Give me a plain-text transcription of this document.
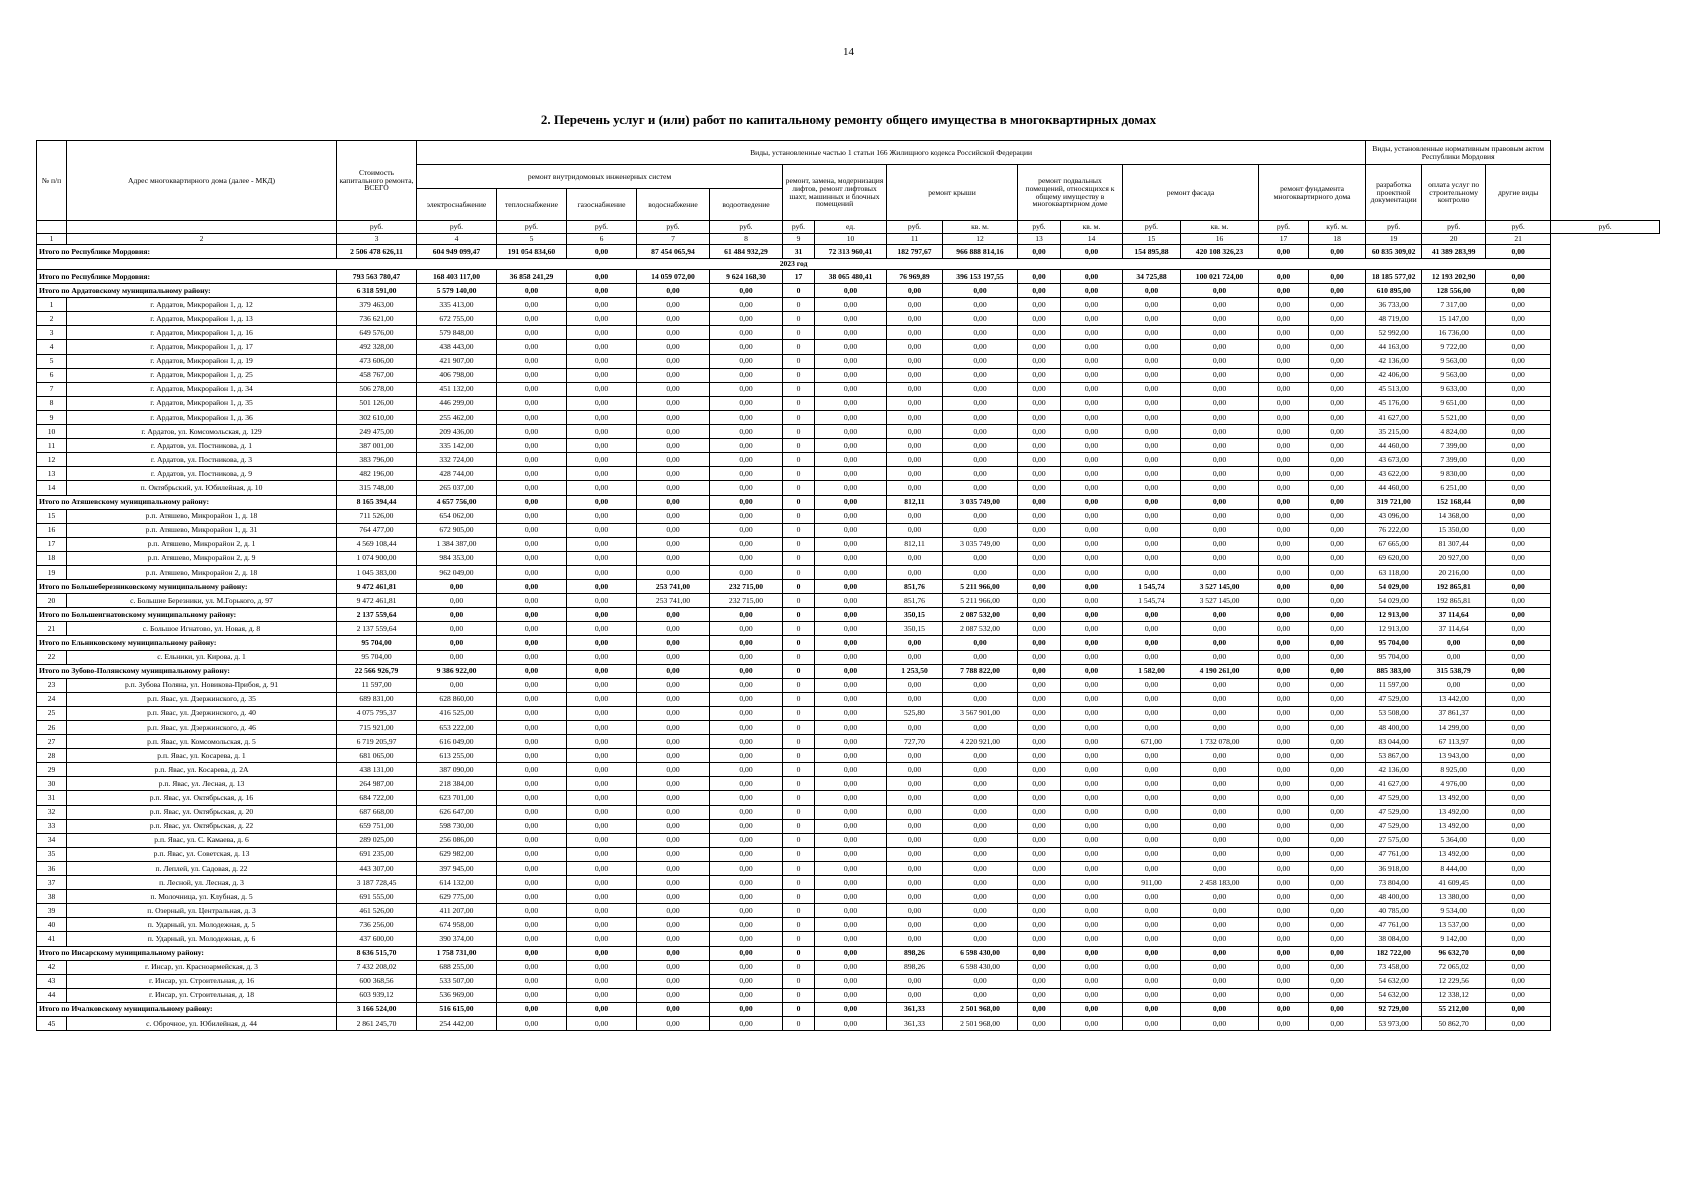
14
2. Перечень услуг и (или) работ по капитальному ремонту общего имущества в многоквартирных домах
№ п/п	Адрес многоквартирного дома (далее - МКД)	Стоимость капитального ремонта, ВСЕГО	Виды, установленные частью 1 статьи 166 Жилищного кодекса Российской Федерации															Виды, установленные нормативным правовым актом Республики Мордовия			
			ремонт внутридомовых инженерных систем					ремонт, замена, модернизация лифтов, ремонт лифтовых шахт, машинных и блочных помещений		ремонт крыши		ремонт подвальных помещений, относящихся к общему имуществу в многоквартирном доме		ремонт фасада		ремонт фундамента многоквартирного дома		разработка проектной документации	оплата услуг по строительному контролю	другие виды	
			электроснабжение	теплоснабжение	газоснабжение	водоснабжение	водоотведение														
		руб.	руб.	руб.	руб.	руб.	руб.	руб.	ед.	руб.	кв. м.	руб.	кв. м.	руб.	кв. м.	руб.	куб. м.	руб.	руб.	руб.	руб.
1	2	3	4	5	6	7	8	9	10	11	12	13	14	15	16	17	18	19	20	21	
Итого по Республике Мордовия:		2 506 478 626,11	604 949 099,47	191 054 834,60	0,00	87 454 065,94	61 484 932,29	31	72 313 960,41	182 797,67	966 888 814,16	0,00	0,00	154 895,88	420 108 326,23	0,00	0,00	60 835 309,02	41 389 283,99	0,00	
2023 год																					
Итого по Республике Мордовия:		793 563 780,47	168 403 117,00	36 858 241,29	0,00	14 059 072,00	9 624 168,30	17	38 065 480,41	76 969,89	396 153 197,55	0,00	0,00	34 725,88	100 021 724,00	0,00	0,00	18 185 577,02	12 193 202,90	0,00	
Итого по Ардатовскому муниципальному району:		6 318 591,00	5 579 140,00	0,00	0,00	0,00	0,00	0	0,00	0,00	0,00	0,00	0,00	0,00	0,00	0,00	0,00	610 895,00	128 556,00	0,00	
1	г. Ардатов, Микрорайон 1, д. 12	379 463,00	335 413,00	0,00	0,00	0,00	0,00	0	0,00	0,00	0,00	0,00	0,00	0,00	0,00	0,00	0,00	36 733,00	7 317,00	0,00	
2	г. Ардатов, Микрорайон 1, д. 13	736 621,00	672 755,00	0,00	0,00	0,00	0,00	0	0,00	0,00	0,00	0,00	0,00	0,00	0,00	0,00	0,00	48 719,00	15 147,00	0,00	
3	г. Ардатов, Микрорайон 1, д. 16	649 576,00	579 848,00	0,00	0,00	0,00	0,00	0	0,00	0,00	0,00	0,00	0,00	0,00	0,00	0,00	0,00	52 992,00	16 736,00	0,00	
4	г. Ардатов, Микрорайон 1, д. 17	492 328,00	438 443,00	0,00	0,00	0,00	0,00	0	0,00	0,00	0,00	0,00	0,00	0,00	0,00	0,00	0,00	44 163,00	9 722,00	0,00	
5	г. Ардатов, Микрорайон 1, д. 19	473 606,00	421 907,00	0,00	0,00	0,00	0,00	0	0,00	0,00	0,00	0,00	0,00	0,00	0,00	0,00	0,00	42 136,00	9 563,00	0,00	
6	г. Ардатов, Микрорайон 1, д. 25	458 767,00	406 798,00	0,00	0,00	0,00	0,00	0	0,00	0,00	0,00	0,00	0,00	0,00	0,00	0,00	0,00	42 406,00	9 563,00	0,00	
7	г. Ардатов, Микрорайон 1, д. 34	506 278,00	451 132,00	0,00	0,00	0,00	0,00	0	0,00	0,00	0,00	0,00	0,00	0,00	0,00	0,00	0,00	45 513,00	9 633,00	0,00	
8	г. Ардатов, Микрорайон 1, д. 35	501 126,00	446 299,00	0,00	0,00	0,00	0,00	0	0,00	0,00	0,00	0,00	0,00	0,00	0,00	0,00	0,00	45 176,00	9 651,00	0,00	
9	г. Ардатов, Микрорайон 1, д. 36	302 610,00	255 462,00	0,00	0,00	0,00	0,00	0	0,00	0,00	0,00	0,00	0,00	0,00	0,00	0,00	0,00	41 627,00	5 521,00	0,00	
10	г. Ардатов, ул. Комсомольская, д. 129	249 475,00	209 436,00	0,00	0,00	0,00	0,00	0	0,00	0,00	0,00	0,00	0,00	0,00	0,00	0,00	0,00	35 215,00	4 824,00	0,00	
11	г. Ардатов, ул. Постникова, д. 1	387 001,00	335 142,00	0,00	0,00	0,00	0,00	0	0,00	0,00	0,00	0,00	0,00	0,00	0,00	0,00	0,00	44 460,00	7 399,00	0,00	
12	г. Ардатов, ул. Постникова, д. 3	383 796,00	332 724,00	0,00	0,00	0,00	0,00	0	0,00	0,00	0,00	0,00	0,00	0,00	0,00	0,00	0,00	43 673,00	7 399,00	0,00	
13	г. Ардатов, ул. Постникова, д. 9	482 196,00	428 744,00	0,00	0,00	0,00	0,00	0	0,00	0,00	0,00	0,00	0,00	0,00	0,00	0,00	0,00	43 622,00	9 830,00	0,00	
14	п. Октябрьский, ул. Юбилейная, д. 10	315 748,00	265 037,00	0,00	0,00	0,00	0,00	0	0,00	0,00	0,00	0,00	0,00	0,00	0,00	0,00	0,00	44 460,00	6 251,00	0,00	
Итого по Атяшевскому муниципальному району:		8 165 394,44	4 657 756,00	0,00	0,00	0,00	0,00	0	0,00	812,11	3 035 749,00	0,00	0,00	0,00	0,00	0,00	0,00	319 721,00	152 168,44	0,00	
15	р.п. Атяшево, Микрорайон 1, д. 18	711 526,00	654 062,00	0,00	0,00	0,00	0,00	0	0,00	0,00	0,00	0,00	0,00	0,00	0,00	0,00	0,00	43 096,00	14 368,00	0,00	
16	р.п. Атяшево, Микрорайон 1, д. 31	764 477,00	672 905,00	0,00	0,00	0,00	0,00	0	0,00	0,00	0,00	0,00	0,00	0,00	0,00	0,00	0,00	76 222,00	15 350,00	0,00	
17	р.п. Атяшево, Микрорайон 2, д. 1	4 569 108,44	1 384 387,00	0,00	0,00	0,00	0,00	0	0,00	812,11	3 035 749,00	0,00	0,00	0,00	0,00	0,00	0,00	67 665,00	81 307,44	0,00	
18	р.п. Атяшево, Микрорайон 2, д. 9	1 074 900,00	984 353,00	0,00	0,00	0,00	0,00	0	0,00	0,00	0,00	0,00	0,00	0,00	0,00	0,00	0,00	69 620,00	20 927,00	0,00	
19	р.п. Атяшево, Микрорайон 2, д. 18	1 045 383,00	962 049,00	0,00	0,00	0,00	0,00	0	0,00	0,00	0,00	0,00	0,00	0,00	0,00	0,00	0,00	63 118,00	20 216,00	0,00	
Итого по Большеберезниковскому муниципальному району:		9 472 461,81	0,00	0,00	0,00	253 741,00	232 715,00	0	0,00	851,76	5 211 966,00	0,00	0,00	1 545,74	3 527 145,00	0,00	0,00	54 029,00	192 865,81	0,00	
20	с. Большие Березники, ул. М.Горького, д. 97	9 472 461,81	0,00	0,00	0,00	253 741,00	232 715,00	0	0,00	851,76	5 211 966,00	0,00	0,00	1 545,74	3 527 145,00	0,00	0,00	54 029,00	192 865,81	0,00	
Итого по Большеигнатовскому муниципальному району:		2 137 559,64	0,00	0,00	0,00	0,00	0,00	0	0,00	350,15	2 087 532,00	0,00	0,00	0,00	0,00	0,00	0,00	12 913,00	37 114,64	0,00	
21	с. Большое Игнатово, ул. Новая, д. 8	2 137 559,64	0,00	0,00	0,00	0,00	0,00	0	0,00	350,15	2 087 532,00	0,00	0,00	0,00	0,00	0,00	0,00	12 913,00	37 114,64	0,00	
Итого по Ельниковскому муниципальному району:		95 704,00	0,00	0,00	0,00	0,00	0,00	0	0,00	0,00	0,00	0,00	0,00	0,00	0,00	0,00	0,00	95 704,00	0,00	0,00	
22	с. Ельники, ул. Кирова, д. 1	95 704,00	0,00	0,00	0,00	0,00	0,00	0	0,00	0,00	0,00	0,00	0,00	0,00	0,00	0,00	0,00	95 704,00	0,00	0,00	
Итого по Зубово-Полянскому муниципальному району:		22 566 926,79	9 386 922,00	0,00	0,00	0,00	0,00	0	0,00	1 253,50	7 788 822,00	0,00	0,00	1 582,00	4 190 261,00	0,00	0,00	885 383,00	315 538,79	0,00	
23	р.п. Зубова Поляна, ул. Новикова-Прибоя, д. 91	11 597,00	0,00	0,00	0,00	0,00	0,00	0	0,00	0,00	0,00	0,00	0,00	0,00	0,00	0,00	0,00	11 597,00	0,00	0,00	
24	р.п. Явас, ул. Дзержинского, д. 35	689 831,00	628 860,00	0,00	0,00	0,00	0,00	0	0,00	0,00	0,00	0,00	0,00	0,00	0,00	0,00	0,00	47 529,00	13 442,00	0,00	
25	р.п. Явас, ул. Дзержинского, д. 40	4 075 795,37	416 525,00	0,00	0,00	0,00	0,00	0	0,00	525,80	3 567 901,00	0,00	0,00	0,00	0,00	0,00	0,00	53 508,00	37 861,37	0,00	
26	р.п. Явас, ул. Дзержинского, д. 46	715 921,00	653 222,00	0,00	0,00	0,00	0,00	0	0,00	0,00	0,00	0,00	0,00	0,00	0,00	0,00	0,00	48 400,00	14 299,00	0,00	
27	р.п. Явас, ул. Комсомольская, д. 5	6 719 205,97	616 049,00	0,00	0,00	0,00	0,00	0	0,00	727,70	4 220 921,00	0,00	0,00	671,00	1 732 078,00	0,00	0,00	83 044,00	67 113,97	0,00	
28	р.п. Явас, ул. Косарева, д. 1	681 065,00	613 255,00	0,00	0,00	0,00	0,00	0	0,00	0,00	0,00	0,00	0,00	0,00	0,00	0,00	0,00	53 867,00	13 943,00	0,00	
29	р.п. Явас, ул. Косарева, д. 2А	438 131,00	387 090,00	0,00	0,00	0,00	0,00	0	0,00	0,00	0,00	0,00	0,00	0,00	0,00	0,00	0,00	42 136,00	8 925,00	0,00	
30	р.п. Явас, ул. Лесная, д. 13	264 987,00	218 384,00	0,00	0,00	0,00	0,00	0	0,00	0,00	0,00	0,00	0,00	0,00	0,00	0,00	0,00	41 627,00	4 976,00	0,00	
31	р.п. Явас, ул. Октябрьская, д. 16	684 722,00	623 701,00	0,00	0,00	0,00	0,00	0	0,00	0,00	0,00	0,00	0,00	0,00	0,00	0,00	0,00	47 529,00	13 492,00	0,00	
32	р.п. Явас, ул. Октябрьская, д. 20	687 668,00	626 647,00	0,00	0,00	0,00	0,00	0	0,00	0,00	0,00	0,00	0,00	0,00	0,00	0,00	0,00	47 529,00	13 492,00	0,00	
33	р.п. Явас, ул. Октябрьская, д. 22	659 751,00	598 730,00	0,00	0,00	0,00	0,00	0	0,00	0,00	0,00	0,00	0,00	0,00	0,00	0,00	0,00	47 529,00	13 492,00	0,00	
34	р.п. Явас, ул. С. Камаева, д. 6	289 025,00	256 086,00	0,00	0,00	0,00	0,00	0	0,00	0,00	0,00	0,00	0,00	0,00	0,00	0,00	0,00	27 575,00	5 364,00	0,00	
35	р.п. Явас, ул. Советская, д. 13	691 235,00	629 982,00	0,00	0,00	0,00	0,00	0	0,00	0,00	0,00	0,00	0,00	0,00	0,00	0,00	0,00	47 761,00	13 492,00	0,00	
36	п. Леплей, ул. Садовая, д. 22	443 307,00	397 945,00	0,00	0,00	0,00	0,00	0	0,00	0,00	0,00	0,00	0,00	0,00	0,00	0,00	0,00	36 918,00	8 444,00	0,00	
37	п. Лесной, ул. Лесная, д. 3	3 187 728,45	614 132,00	0,00	0,00	0,00	0,00	0	0,00	0,00	0,00	0,00	0,00	911,00	2 458 183,00	0,00	0,00	73 804,00	41 609,45	0,00	
38	п. Молочница, ул. Клубная, д. 5	691 555,00	629 775,00	0,00	0,00	0,00	0,00	0	0,00	0,00	0,00	0,00	0,00	0,00	0,00	0,00	0,00	48 400,00	13 380,00	0,00	
39	п. Озерный, ул. Центральная, д. 3	461 526,00	411 207,00	0,00	0,00	0,00	0,00	0	0,00	0,00	0,00	0,00	0,00	0,00	0,00	0,00	0,00	40 785,00	9 534,00	0,00	
40	п. Ударный, ул. Молодежная, д. 5	736 256,00	674 958,00	0,00	0,00	0,00	0,00	0	0,00	0,00	0,00	0,00	0,00	0,00	0,00	0,00	0,00	47 761,00	13 537,00	0,00	
41	п. Ударный, ул. Молодежная, д. 6	437 600,00	390 374,00	0,00	0,00	0,00	0,00	0	0,00	0,00	0,00	0,00	0,00	0,00	0,00	0,00	0,00	38 084,00	9 142,00	0,00	
Итого по Инсарскому муниципальному району:		8 636 515,70	1 758 731,00	0,00	0,00	0,00	0,00	0	0,00	898,26	6 598 430,00	0,00	0,00	0,00	0,00	0,00	0,00	182 722,00	96 632,70	0,00	
42	г. Инсар, ул. Красноармейская, д. 3	7 432 208,02	688 255,00	0,00	0,00	0,00	0,00	0	0,00	898,26	6 598 430,00	0,00	0,00	0,00	0,00	0,00	0,00	73 458,00	72 065,02	0,00	
43	г. Инсар, ул. Строительная, д. 16	600 368,56	533 507,00	0,00	0,00	0,00	0,00	0	0,00	0,00	0,00	0,00	0,00	0,00	0,00	0,00	0,00	54 632,00	12 229,56	0,00	
44	г. Инсар, ул. Строительная, д. 18	603 939,12	536 969,00	0,00	0,00	0,00	0,00	0	0,00	0,00	0,00	0,00	0,00	0,00	0,00	0,00	0,00	54 632,00	12 338,12	0,00	
Итого по Ичалковскому муниципальному району:		3 166 524,00	516 615,00	0,00	0,00	0,00	0,00	0	0,00	361,33	2 501 968,00	0,00	0,00	0,00	0,00	0,00	0,00	92 729,00	55 212,00	0,00	
45	с. Оброчное, ул. Юбилейная, д. 44	2 861 245,70	254 442,00	0,00	0,00	0,00	0,00	0	0,00	361,33	2 501 968,00	0,00	0,00	0,00	0,00	0,00	0,00	53 973,00	50 862,70	0,00	
